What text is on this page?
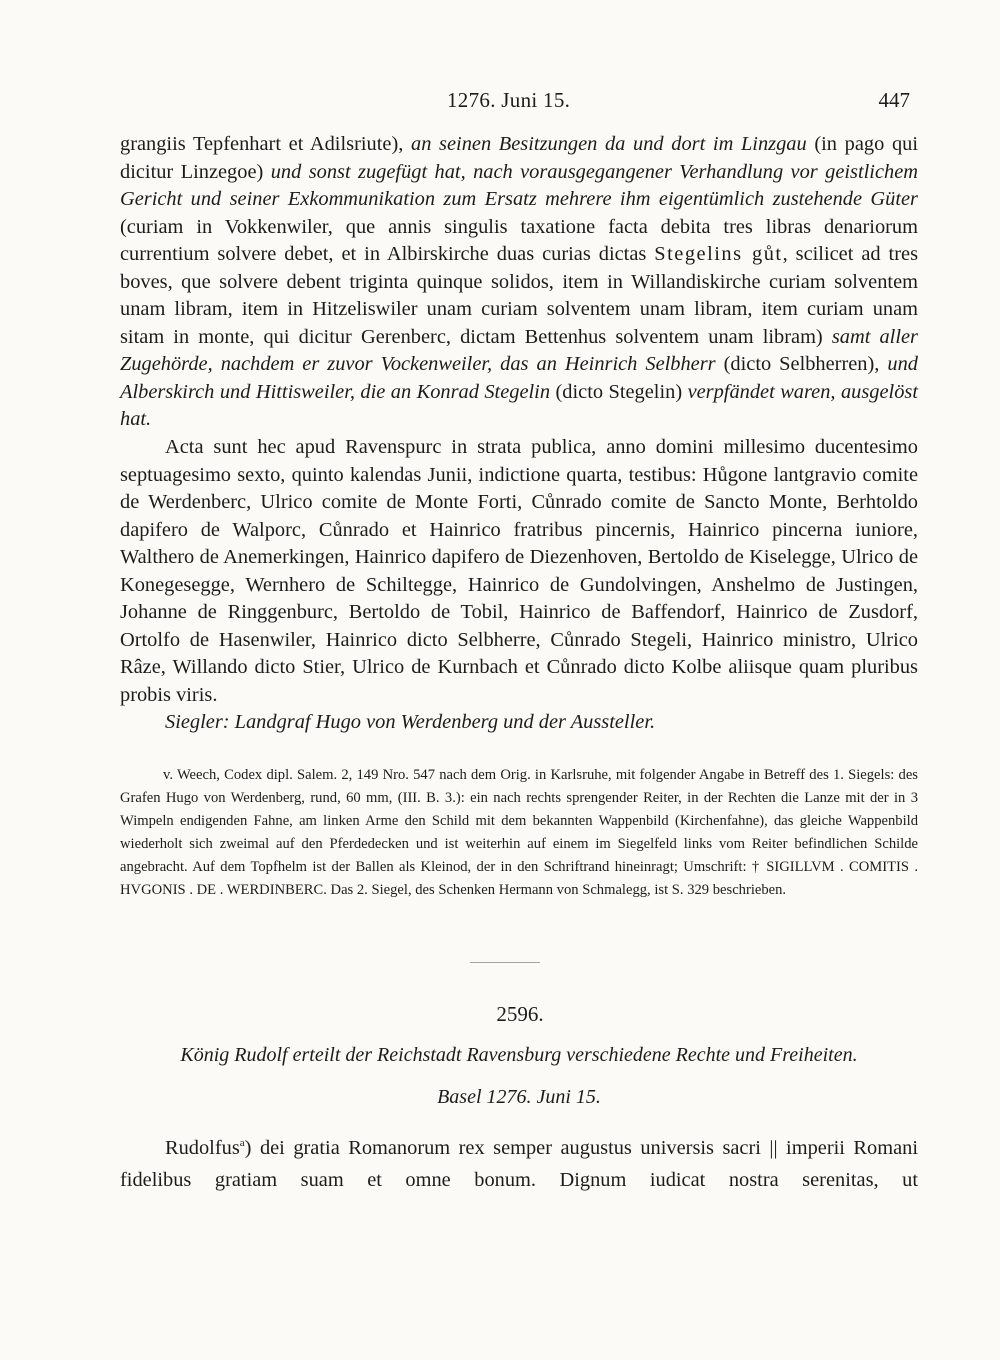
1276. Juni 15.	447

grangiis Tepfenhart et Adilsriute), an seinen Besitzungen da und dort im Linzgau (in pago qui dicitur Linzegoe) und sonst zugefügt hat, nach vorausgegangener Verhandlung vor geistlichem Gericht und seiner Exkommunikation zum Ersatz mehrere ihm eigentümlich zustehende Güter (curiam in Vokkenwiler, que annis singulis taxatione facta debita tres libras denariorum currentium solvere debet, et in Albirskirche duas curias dictas Stegelins gůt, scilicet ad tres boves, que solvere debent triginta quinque solidos, item in Willandiskirche curiam solventem unam libram, item in Hitzeliswiler unam curiam solventem unam libram, item curiam unam sitam in monte, qui dicitur Gerenberc, dictam Bettenhus solventem unam libram) samt aller Zugehörde, nachdem er zuvor Vockenweiler, das an Heinrich Selbherr (dicto Selbherren), und Alberskirch und Hittisweiler, die an Konrad Stegelin (dicto Stegelin) verpfändet waren, ausgelöst hat.

Acta sunt hec apud Ravenspurc in strata publica, anno domini millesimo ducentesimo septuagesimo sexto, quinto kalendas Junii, indictione quarta, testibus: Hůgone lantgravio comite de Werdenberc, Ulrico comite de Monte Forti, Cůnrado comite de Sancto Monte, Berhtoldo dapifero de Walporc, Cůnrado et Hainrico fratribus pincernis, Hainrico pincerna iuniore, Walthero de Anemerkingen, Hainrico dapifero de Diezenhoven, Bertoldo de Kiselegge, Ulrico de Konegesegge, Wernhero de Schiltegge, Hainrico de Gundolvingen, Anshelmo de Justingen, Johanne de Ringgenburc, Bertoldo de Tobil, Hainrico de Baffendorf, Hainrico de Zusdorf, Ortolfo de Hasenwiler, Hainrico dicto Selbherre, Cůnrado Stegeli, Hainrico ministro, Ulrico Râze, Willando dicto Stier, Ulrico de Kurnbach et Cůnrado dicto Kolbe aliisque quam pluribus probis viris.

Siegler: Landgraf Hugo von Werdenberg und der Aussteller.

v. Weech, Codex dipl. Salem. 2, 149 Nro. 547 nach dem Orig. in Karlsruhe, mit folgender Angabe in Betreff des 1. Siegels: des Grafen Hugo von Werdenberg, rund, 60 mm, (III. B. 3.): ein nach rechts sprengender Reiter, in der Rechten die Lanze mit der in 3 Wimpeln endigenden Fahne, am linken Arme den Schild mit dem bekannten Wappenbild (Kirchenfahne), das gleiche Wappenbild wiederholt sich zweimal auf den Pferdedecken und ist weiterhin auf einem im Siegelfeld links vom Reiter befindlichen Schilde angebracht. Auf dem Topfhelm ist der Ballen als Kleinod, der in den Schriftrand hineinragt; Umschrift: † SIGILLVM . COMITIS . HVGONIS . DE . WERDINBERC. Das 2. Siegel, des Schenken Hermann von Schmalegg, ist S. 329 beschrieben.

2596.
König Rudolf erteilt der Reichstadt Ravensburg verschiedene Rechte und Freiheiten.
Basel 1276. Juni 15.

Rudolfus$^a$) dei gratia Romanorum rex semper augustus universis sacri || imperii Romani fidelibus gratiam suam et omne bonum. Dignum iudicat nostra serenitas, ut
